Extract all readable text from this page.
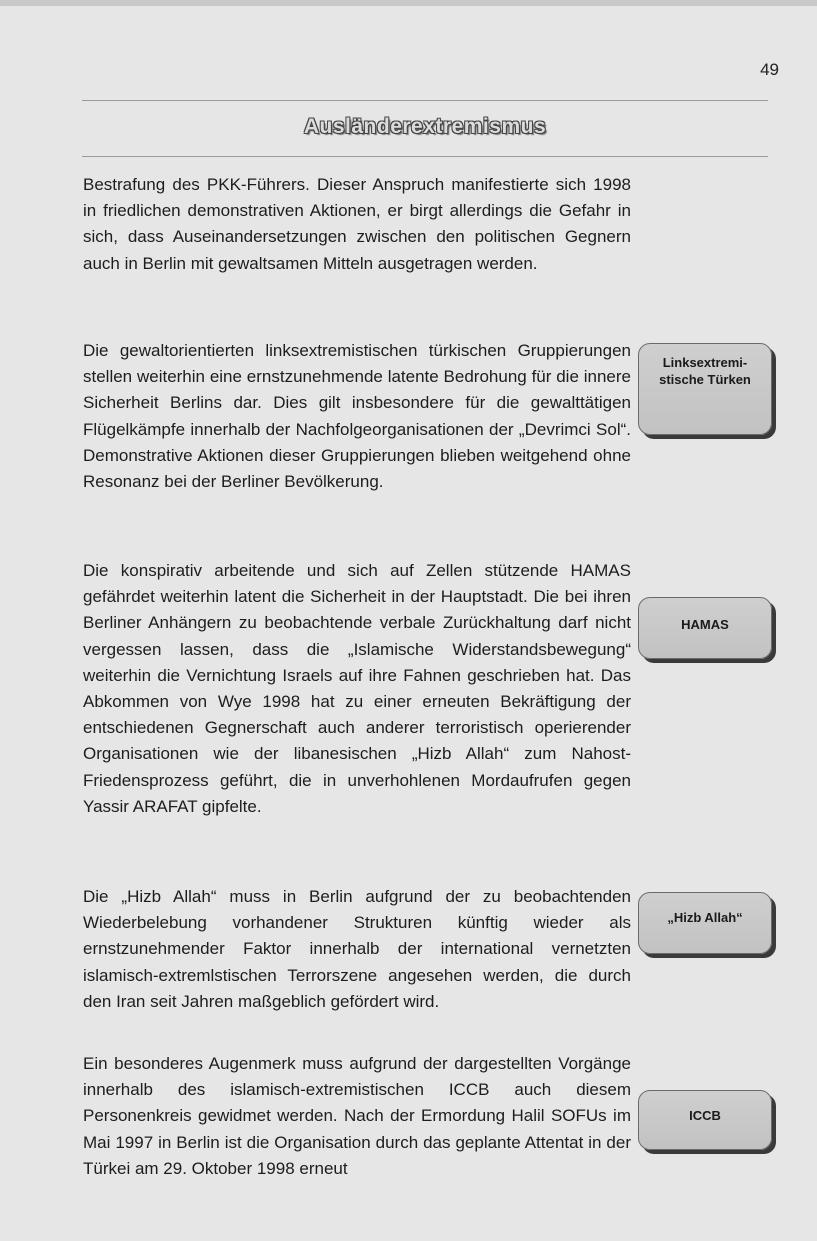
49
Ausländerextremismus
Bestrafung des PKK-Führers. Dieser Anspruch manifestierte sich 1998 in friedlichen demonstrativen Aktionen, er birgt allerdings die Gefahr in sich, dass Auseinandersetzungen zwischen den politischen Gegnern auch in Berlin mit gewaltsamen Mitteln ausgetragen werden.
Die gewaltorientierten linksextremistischen türkischen Gruppierungen stellen weiterhin eine ernstzunehmende latente Bedrohung für die innere Sicherheit Berlins dar. Dies gilt insbesondere für die gewalttätigen Flügelkämpfe innerhalb der Nachfolgeorganisationen der „Devrimci Sol“. Demonstrative Aktionen dieser Gruppierungen blieben weitgehend ohne Resonanz bei der Berliner Bevölkerung.
Die konspirativ arbeitende und sich auf Zellen stützende HAMAS gefährdet weiterhin latent die Sicherheit in der Hauptstadt. Die bei ihren Berliner Anhängern zu beobachtende verbale Zurückhaltung darf nicht vergessen lassen, dass die „Islamische Widerstandsbewegung“ weiterhin die Vernichtung Israels auf ihre Fahnen geschrieben hat. Das Abkommen von Wye 1998 hat zu einer erneuten Bekräftigung der entschiedenen Gegnerschaft auch anderer terroristisch operierender Organisationen wie der libanesischen „Hizb Allah“ zum Nahost-Friedensprozess geführt, die in unverhohlenen Mordaufrufen gegen Yassir ARAFAT gipfelte.
Die „Hizb Allah“ muss in Berlin aufgrund der zu beobachtenden Wiederbelebung vorhandener Strukturen künftig wieder als ernstzunehmender Faktor innerhalb der international vernetzten islamisch-extremlstischen Terrorszene angesehen werden, die durch den Iran seit Jahren maßgeblich gefördert wird.
Ein besonderes Augenmerk muss aufgrund der dargestellten Vorgänge innerhalb des islamisch-extremistischen ICCB auch diesem Personenkreis gewidmet werden. Nach der Ermordung Halil SOFUs im Mai 1997 in Berlin ist die Organisation durch das geplante Attentat in der Türkei am 29. Oktober 1998 erneut
Linksextremi-
stische Türken
HAMAS
„Hizb Allah“
ICCB
